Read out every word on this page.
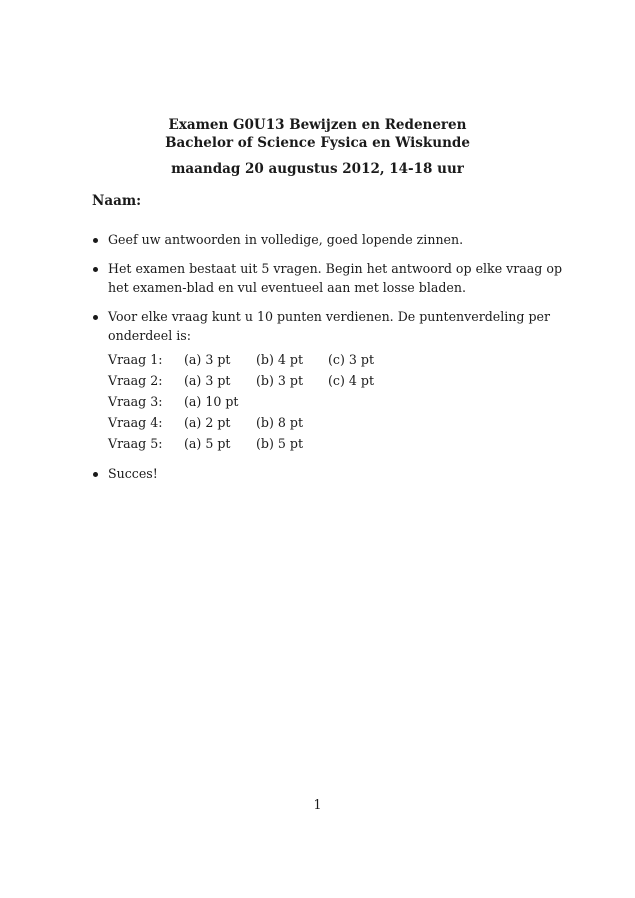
Examen G0U13 Bewijzen en Redeneren
Bachelor of Science Fysica en Wiskunde
maandag 20 augustus 2012, 14-18 uur
Naam:
Geef uw antwoorden in volledige, goed lopende zinnen.
Het examen bestaat uit 5 vragen. Begin het antwoord op elke vraag op het examen-blad en vul eventueel aan met losse bladen.
Voor elke vraag kunt u 10 punten verdienen. De puntenverdeling per onderdeel is:
Vraag 1:	(a) 3 pt	(b) 4 pt	(c) 3 pt
Vraag 2:	(a) 3 pt	(b) 3 pt	(c) 4 pt
Vraag 3:	(a) 10 pt		
Vraag 4:	(a) 2 pt	(b) 8 pt	
Vraag 5:	(a) 5 pt	(b) 5 pt	
Succes!
1
